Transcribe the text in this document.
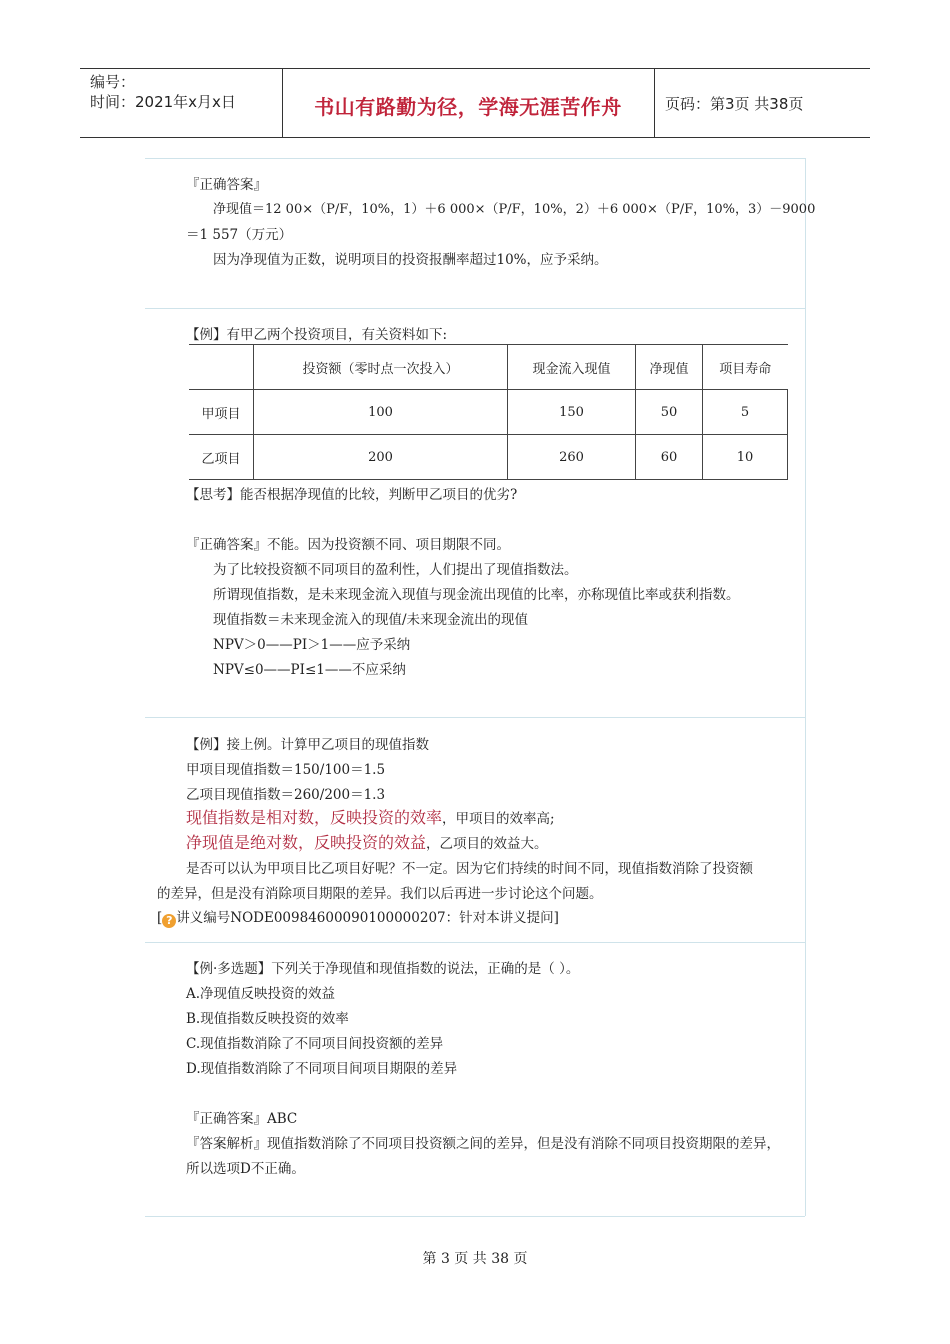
编号：
时间：2021年x月x日	书山有路勤为径，学海无涯苦作舟	页码：第3页 共38页
『正确答案』
净现值＝12 00×（P/F，10%，1）＋6 000×（P/F，10%，2）＋6 000×（P/F，10%，3）－9000
＝1 557（万元）
因为净现值为正数，说明项目的投资报酬率超过10%，应予采纳。
【例】有甲乙两个投资项目，有关资料如下:
	投资额（零时点一次投入）	现金流入现值	净现值	项目寿命
甲项目	100	150	50	5
乙项目	200	260	60	10
【思考】能否根据净现值的比较，判断甲乙项目的优劣?
『正确答案』不能。因为投资额不同、项目期限不同。
为了比较投资额不同项目的盈利性，人们提出了现值指数法。
所谓现值指数，是未来现金流入现值与现金流出现值的比率，亦称现值比率或获利指数。
现值指数＝未来现金流入的现值/未来现金流出的现值
NPV＞0——PI＞1——应予采纳
NPV≤0——PI≤1——不应采纳
【例】接上例。计算甲乙项目的现值指数
甲项目现值指数＝150/100＝1.5
乙项目现值指数＝260/200＝1.3
现值指数是相对数，反映投资的效率，甲项目的效率高;
净现值是绝对数，反映投资的效益，乙项目的效益大。
是否可以认为甲项目比乙项目好呢？不一定。因为它们持续的时间不同，现值指数消除了投资额
的差异，但是没有消除项目期限的差异。我们以后再进一步讨论这个问题。
[ ? 讲义编号NODE00984600090100000207：针对本讲义提问]
【例·多选题】下列关于净现值和现值指数的说法，正确的是（ ）。
A.净现值反映投资的效益
B.现值指数反映投资的效率
C.现值指数消除了不同项目间投资额的差异
D.现值指数消除了不同项目间项目期限的差异
『正确答案』ABC
『答案解析』现值指数消除了不同项目投资额之间的差异，但是没有消除不同项目投资期限的差异，
所以选项D不正确。
第 3 页 共 38 页
